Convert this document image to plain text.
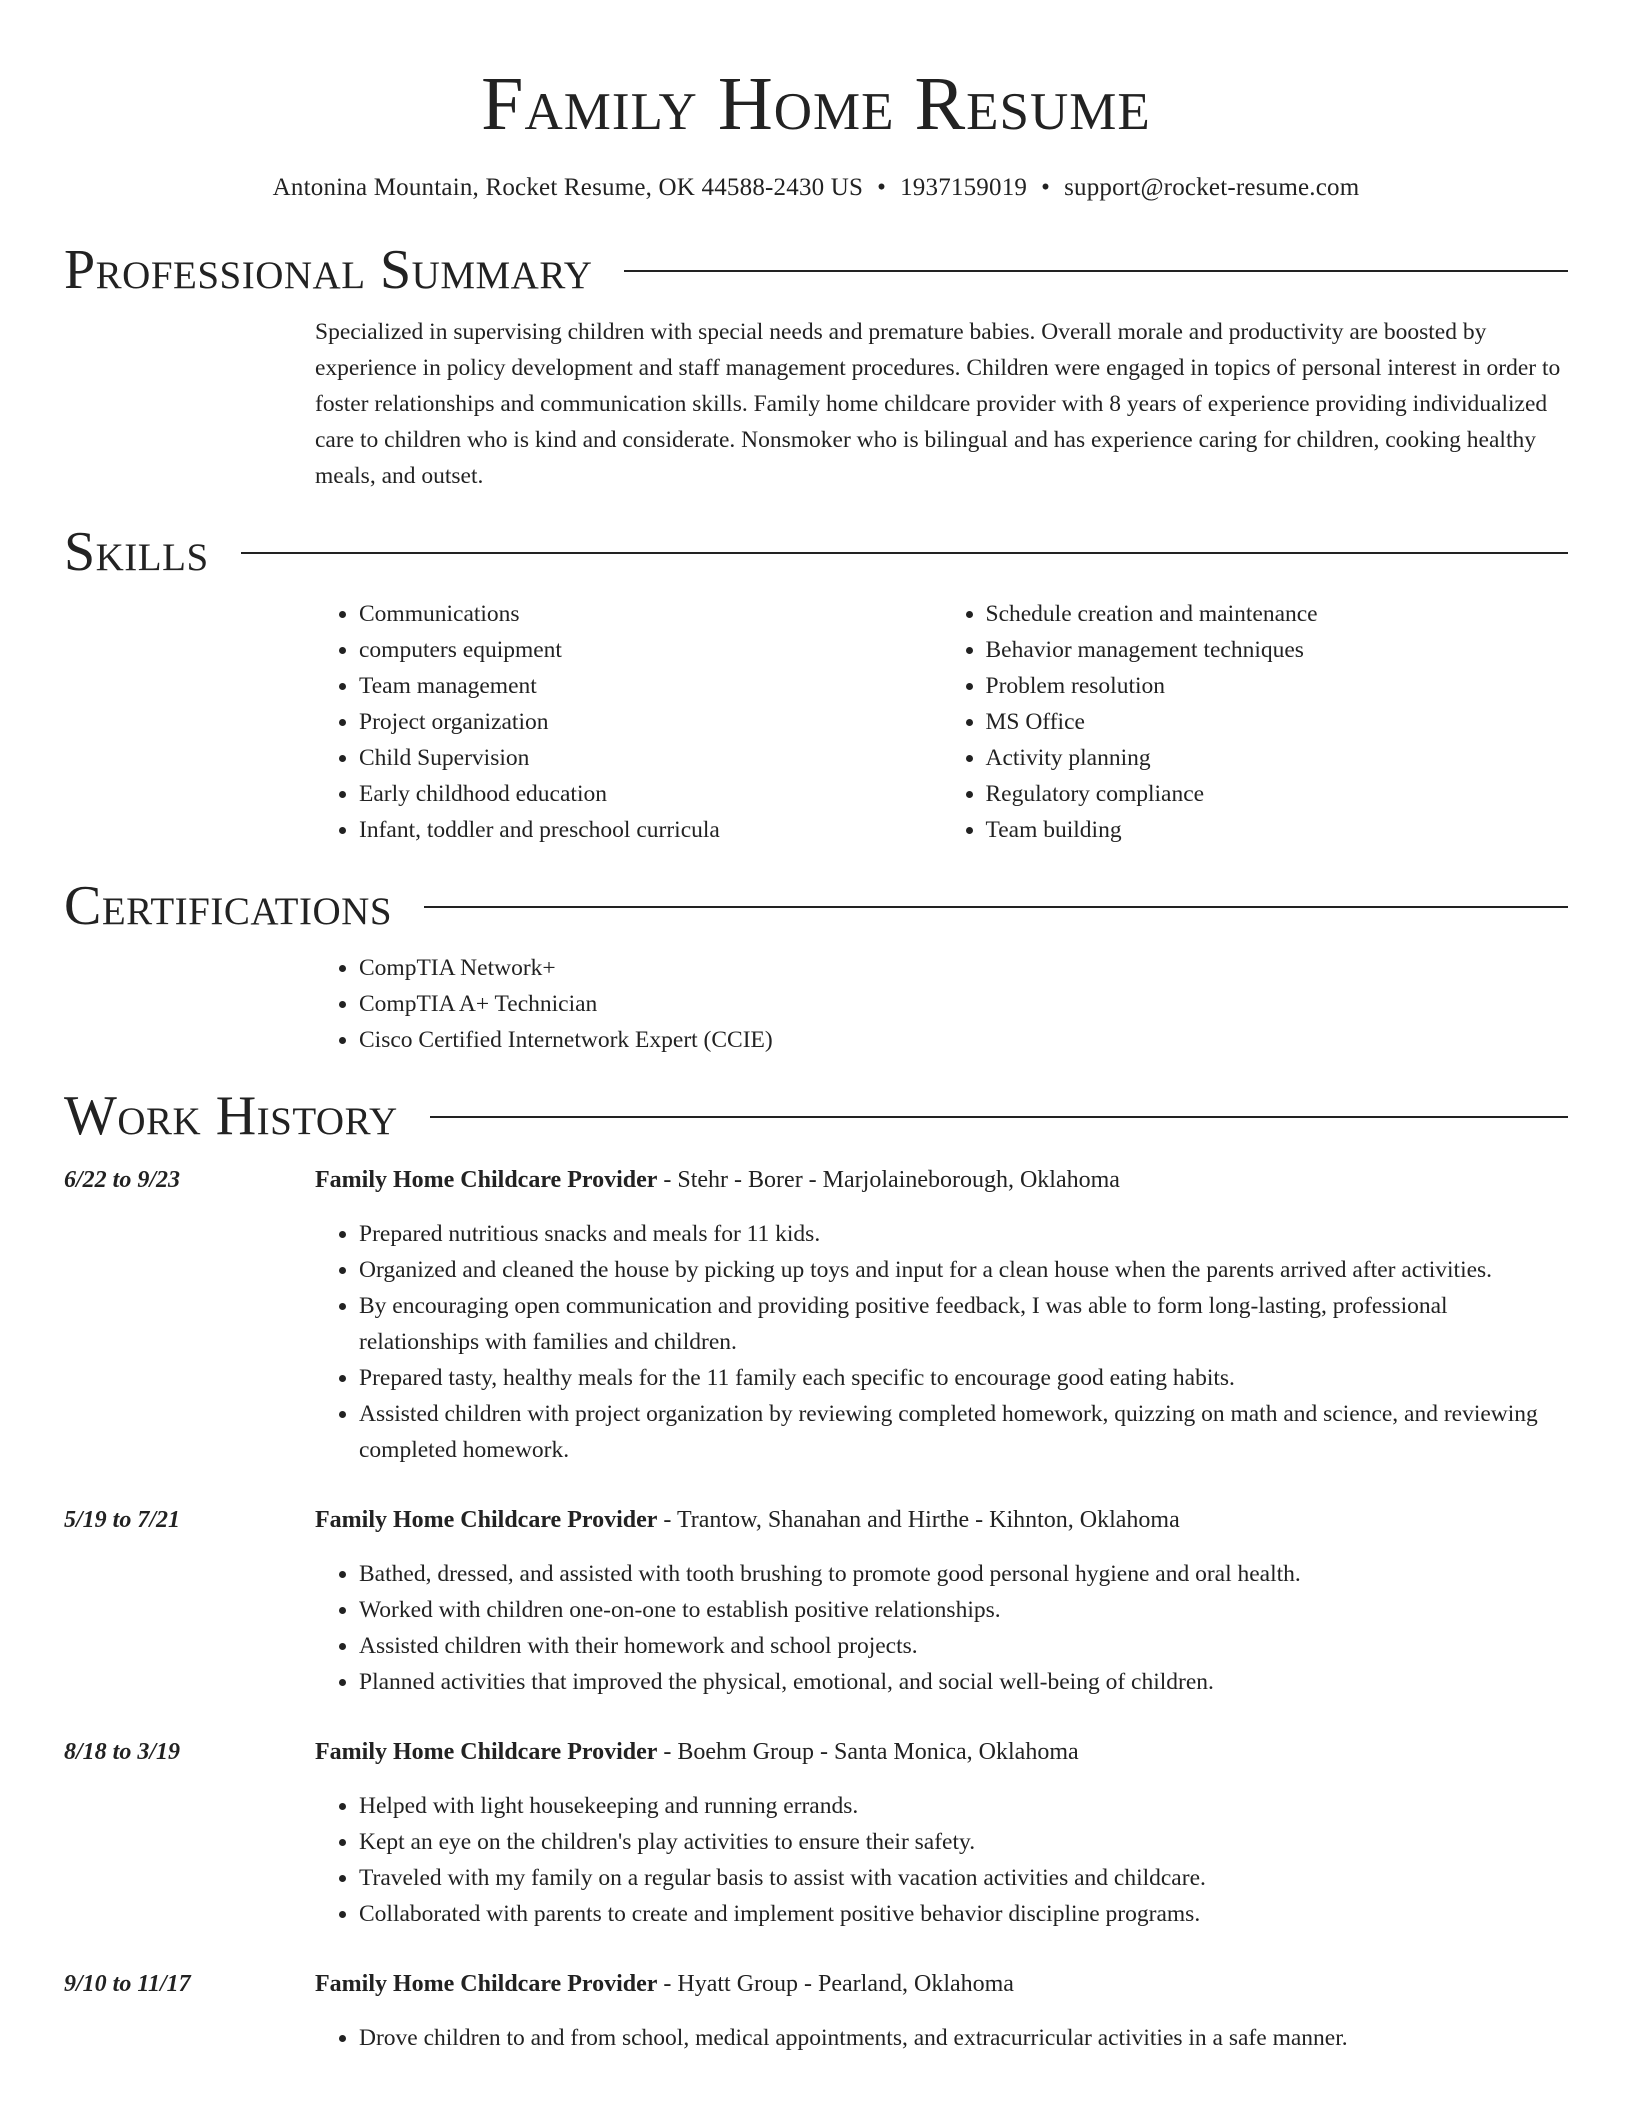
Family Home Resume
Antonina Mountain, Rocket Resume, OK 44588-2430 US • 1937159019 • support@rocket-resume.com
Professional Summary

Specialized in supervising children with special needs and premature babies. Overall morale and productivity are boosted by experience in policy development and staff management procedures. Children were engaged in topics of personal interest in order to foster relationships and communication skills. Family home childcare provider with 8 years of experience providing individualized care to children who is kind and considerate. Nonsmoker who is bilingual and has experience caring for children, cooking healthy meals, and outset.

Skills
• Communications
• computers equipment
• Team management
• Project organization
• Child Supervision
• Early childhood education
• Infant, toddler and preschool curricula
• Schedule creation and maintenance
• Behavior management techniques
• Problem resolution
• MS Office
• Activity planning
• Regulatory compliance
• Team building
Certifications
• CompTIA Network+
• CompTIA A+ Technician
• Cisco Certified Internetwork Expert (CCIE)
Work History
6/22 to 9/23	Family Home Childcare Provider - Stehr - Borer - Marjolaineborough, Oklahoma
• Prepared nutritious snacks and meals for 11 kids.
• Organized and cleaned the house by picking up toys and input for a clean house when the parents arrived after activities.
• By encouraging open communication and providing positive feedback, I was able to form long-lasting, professional relationships with families and children.
• Prepared tasty, healthy meals for the 11 family each specific to encourage good eating habits.
• Assisted children with project organization by reviewing completed homework, quizzing on math and science, and reviewing completed homework.
5/19 to 7/21	Family Home Childcare Provider - Trantow, Shanahan and Hirthe - Kihnton, Oklahoma
• Bathed, dressed, and assisted with tooth brushing to promote good personal hygiene and oral health.
• Worked with children one-on-one to establish positive relationships.
• Assisted children with their homework and school projects.
• Planned activities that improved the physical, emotional, and social well-being of children.
8/18 to 3/19	Family Home Childcare Provider - Boehm Group - Santa Monica, Oklahoma
• Helped with light housekeeping and running errands.
• Kept an eye on the children's play activities to ensure their safety.
• Traveled with my family on a regular basis to assist with vacation activities and childcare.
• Collaborated with parents to create and implement positive behavior discipline programs.
9/10 to 11/17	Family Home Childcare Provider - Hyatt Group - Pearland, Oklahoma
• Drove children to and from school, medical appointments, and extracurricular activities in a safe manner.
